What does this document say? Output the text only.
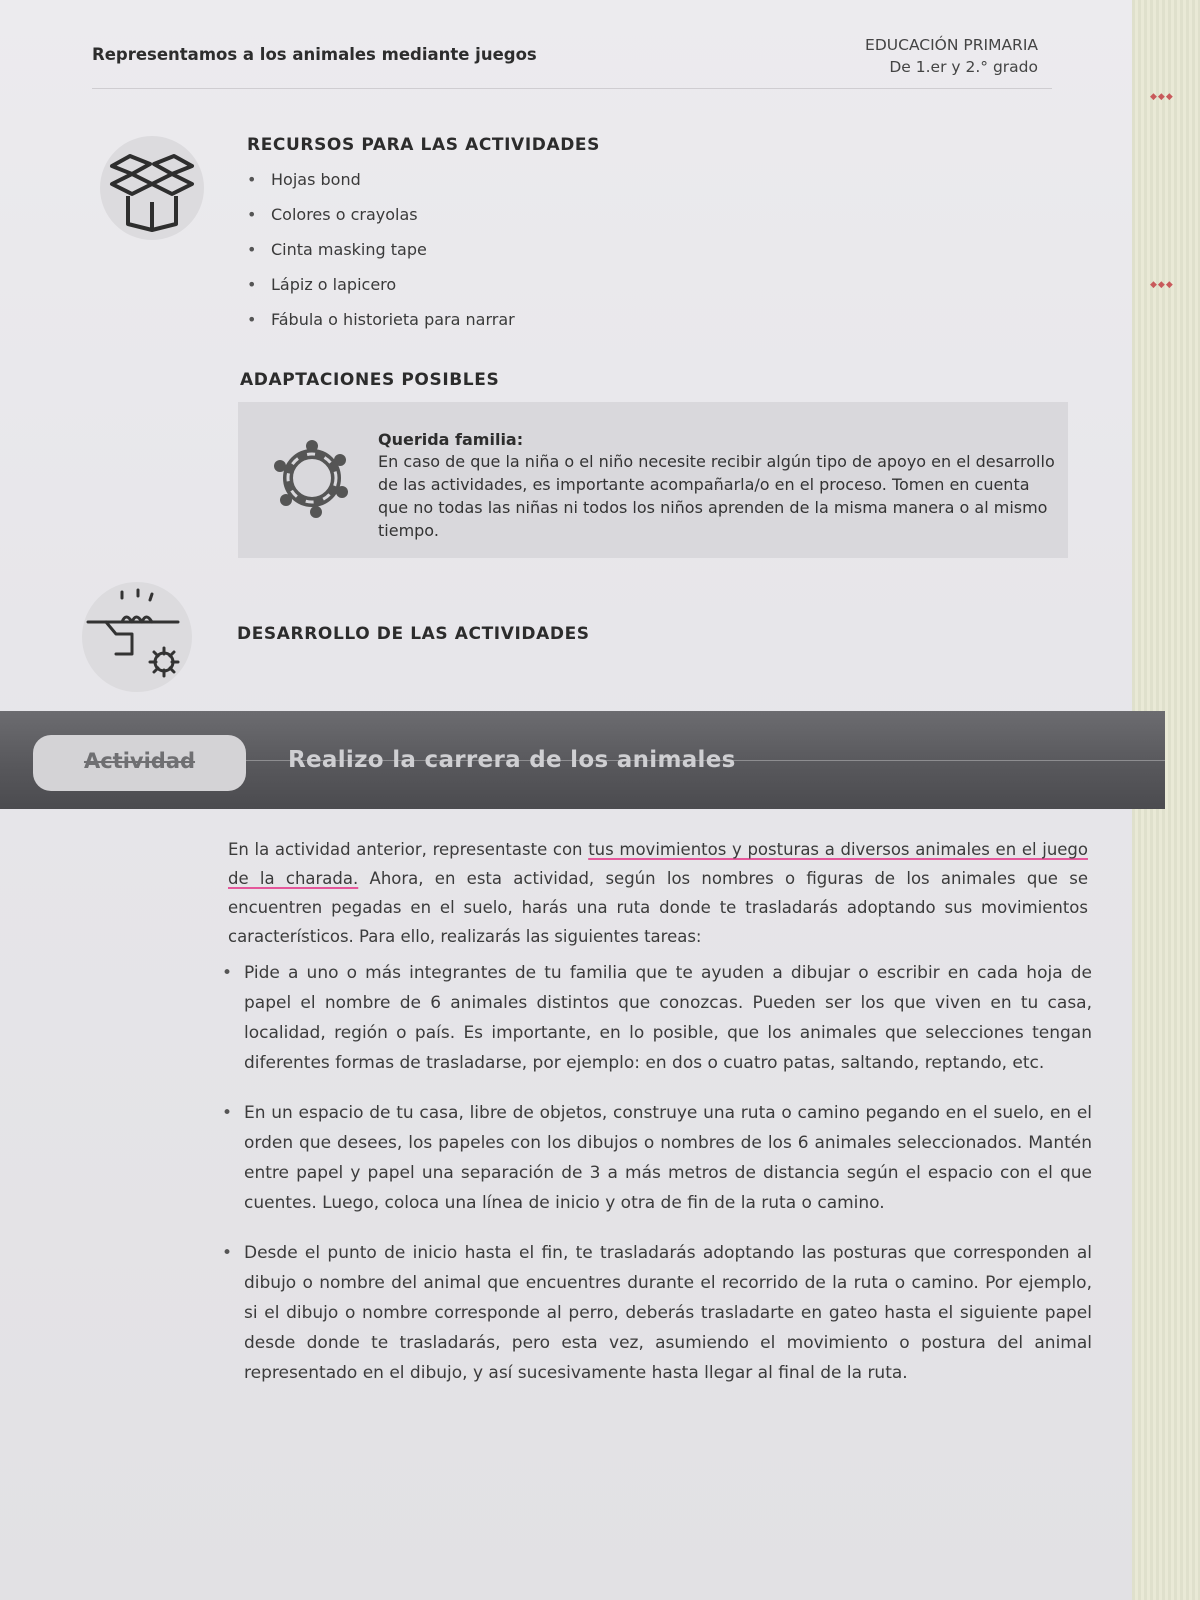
◆◆◆
◆◆◆
Representamos a los animales mediante juegos	EDUCACIÓN PRIMARIA
De 1.er y 2.° grado
RECURSOS PARA LAS ACTIVIDADES
• Hojas bond
• Colores o crayolas
• Cinta masking tape
• Lápiz o lapicero
• Fábula o historieta para narrar
ADAPTACIONES POSIBLES
Querida familia:
En caso de que la niña o el niño necesite recibir algún tipo de apoyo en el desarrollo de las actividades, es importante acompañarla/o en el proceso. Tomen en cuenta que no todas las niñas ni todos los niños aprenden de la misma manera o al mismo tiempo.
DESARROLLO DE LAS ACTIVIDADES
Actividad	Realizo la carrera de los animales
En la actividad anterior, representaste con tus movimientos y posturas a diversos animales en el juego de la charada. Ahora, en esta actividad, según los nombres o figuras de los animales que se encuentren pegadas en el suelo, harás una ruta donde te trasladarás adoptando sus movimientos característicos. Para ello, realizarás las siguientes tareas:
• Pide a uno o más integrantes de tu familia que te ayuden a dibujar o escribir en cada hoja de papel el nombre de 6 animales distintos que conozcas. Pueden ser los que viven en tu casa, localidad, región o país. Es importante, en lo posible, que los animales que selecciones tengan diferentes formas de trasladarse, por ejemplo: en dos o cuatro patas, saltando, reptando, etc.
• En un espacio de tu casa, libre de objetos, construye una ruta o camino pegando en el suelo, en el orden que desees, los papeles con los dibujos o nombres de los 6 animales seleccionados. Mantén entre papel y papel una separación de 3 a más metros de distancia según el espacio con el que cuentes. Luego, coloca una línea de inicio y otra de fin de la ruta o camino.
• Desde el punto de inicio hasta el fin, te trasladarás adoptando las posturas que corresponden al dibujo o nombre del animal que encuentres durante el recorrido de la ruta o camino. Por ejemplo, si el dibujo o nombre corresponde al perro, deberás trasladarte en gateo hasta el siguiente papel desde donde te trasladarás, pero esta vez, asumiendo el movimiento o postura del animal representado en el dibujo, y así sucesivamente hasta llegar al final de la ruta.
